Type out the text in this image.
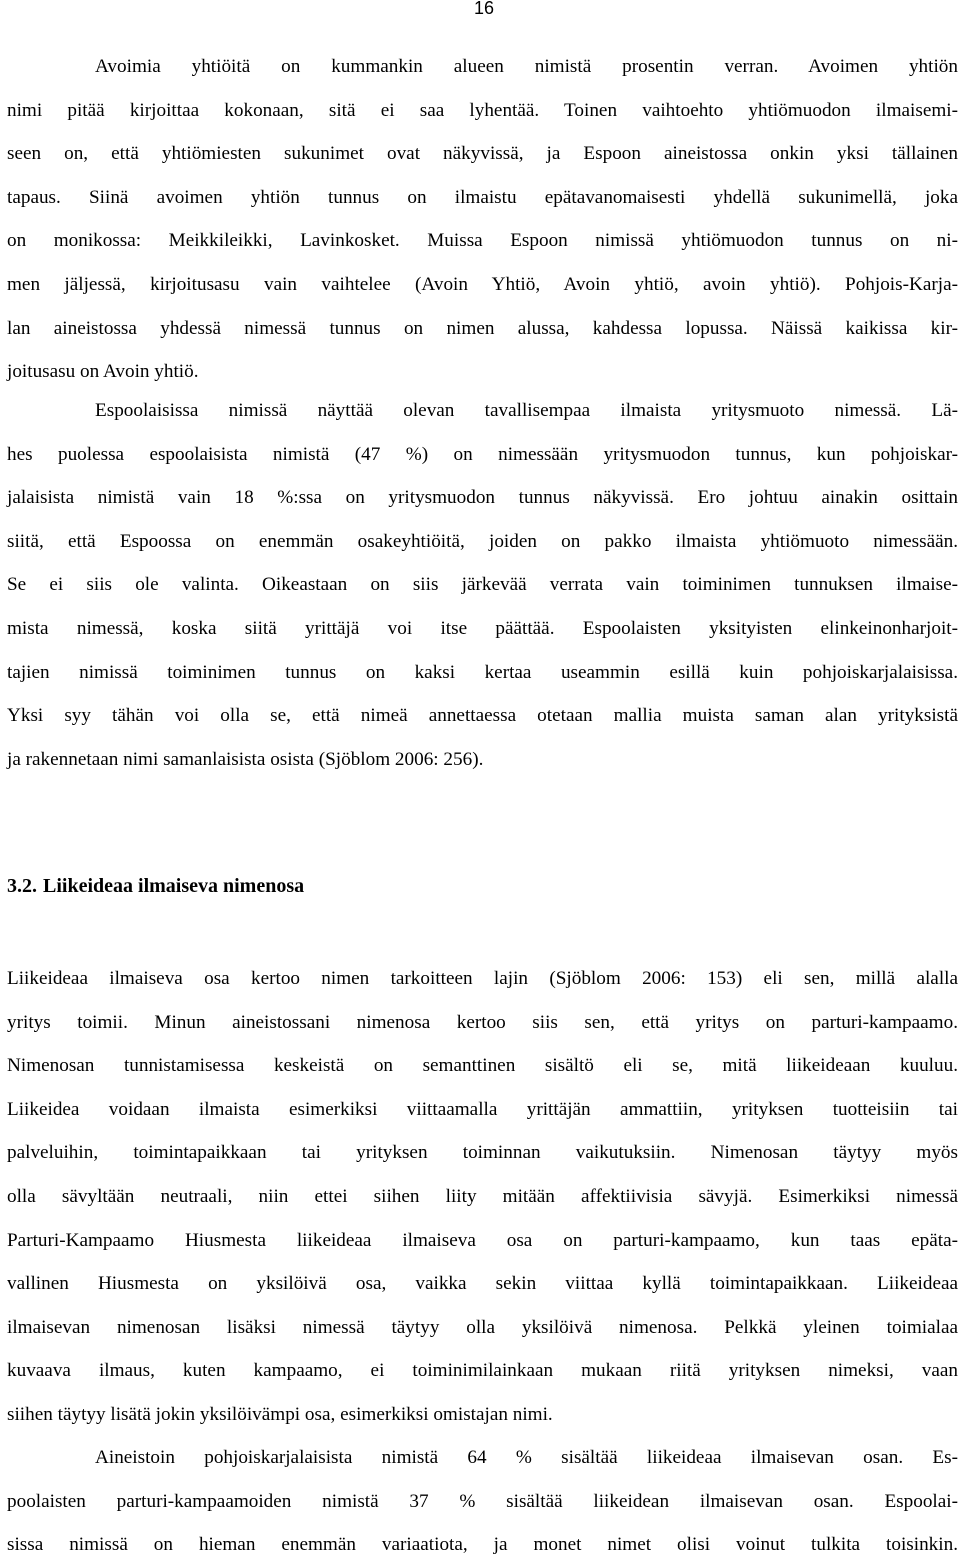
16
Avoimia yhtiöitä on kummankin alueen nimistä prosentin verran. Avoimen yhtiön
nimi pitää kirjoittaa kokonaan, sitä ei saa lyhentää. Toinen vaihtoehto yhtiömuodon ilmaisemi-
seen on, että yhtiömiesten sukunimet ovat näkyvissä, ja Espoon aineistossa onkin yksi tällainen
tapaus. Siinä avoimen yhtiön tunnus on ilmaistu epätavanomaisesti yhdellä sukunimellä, joka
on monikossa: Meikkileikki, Lavinkosket. Muissa Espoon nimissä yhtiömuodon tunnus on ni-
men jäljessä, kirjoitusasu vain vaihtelee (Avoin Yhtiö, Avoin yhtiö, avoin yhtiö). Pohjois-Karja-
lan aineistossa yhdessä nimessä tunnus on nimen alussa, kahdessa lopussa. Näissä kaikissa kir-
joitusasu on Avoin yhtiö.
Espoolaisissa nimissä näyttää olevan tavallisempaa ilmaista yritysmuoto nimessä. Lä-
hes puolessa espoolaisista nimistä (47 %) on nimessään yritysmuodon tunnus, kun pohjoiskar-
jalaisista nimistä vain 18 %:ssa on yritysmuodon tunnus näkyvissä. Ero johtuu ainakin osittain
siitä, että Espoossa on enemmän osakeyhtiöitä, joiden on pakko ilmaista yhtiömuoto nimessään.
Se ei siis ole valinta. Oikeastaan on siis järkevää verrata vain toiminimen tunnuksen ilmaise-
mista nimessä, koska siitä yrittäjä voi itse päättää. Espoolaisten yksityisten elinkeinonharjoit-
tajien nimissä toiminimen tunnus on kaksi kertaa useammin esillä kuin pohjoiskarjalaisissa.
Yksi syy tähän voi olla se, että nimeä annettaessa otetaan mallia muista saman alan yrityksistä
ja rakennetaan nimi samanlaisista osista (Sjöblom 2006: 256).
3.2. Liikeideaa ilmaiseva nimenosa
Liikeideaa ilmaiseva osa kertoo nimen tarkoitteen lajin (Sjöblom 2006: 153) eli sen, millä alalla
yritys toimii. Minun aineistossani nimenosa kertoo siis sen, että yritys on parturi-kampaamo.
Nimenosan tunnistamisessa keskeistä on semanttinen sisältö eli se, mitä liikeideaan kuuluu.
Liikeidea voidaan ilmaista esimerkiksi viittaamalla yrittäjän ammattiin, yrityksen tuotteisiin tai
palveluihin, toimintapaikkaan tai yrityksen toiminnan vaikutuksiin. Nimenosan täytyy myös
olla sävyltään neutraali, niin ettei siihen liity mitään affektiivisia sävyjä. Esimerkiksi nimessä
Parturi-Kampaamo Hiusmesta liikeideaa ilmaiseva osa on parturi-kampaamo, kun taas epäta-
vallinen Hiusmesta on yksilöivä osa, vaikka sekin viittaa kyllä toimintapaikkaan. Liikeideaa
ilmaisevan nimenosan lisäksi nimessä täytyy olla yksilöivä nimenosa. Pelkkä yleinen toimialaa
kuvaava ilmaus, kuten kampaamo, ei toiminimilainkaan mukaan riitä yrityksen nimeksi, vaan
siihen täytyy lisätä jokin yksilöivämpi osa, esimerkiksi omistajan nimi.
Aineistoin pohjoiskarjalaisista nimistä 64 % sisältää liikeideaa ilmaisevan osan. Es-
poolaisten parturi-kampaamoiden nimistä 37 % sisältää liikeidean ilmaisevan osan. Espoolai-
sissa nimissä on hieman enemmän variaatiota, ja monet nimet olisi voinut tulkita toisinkin.
